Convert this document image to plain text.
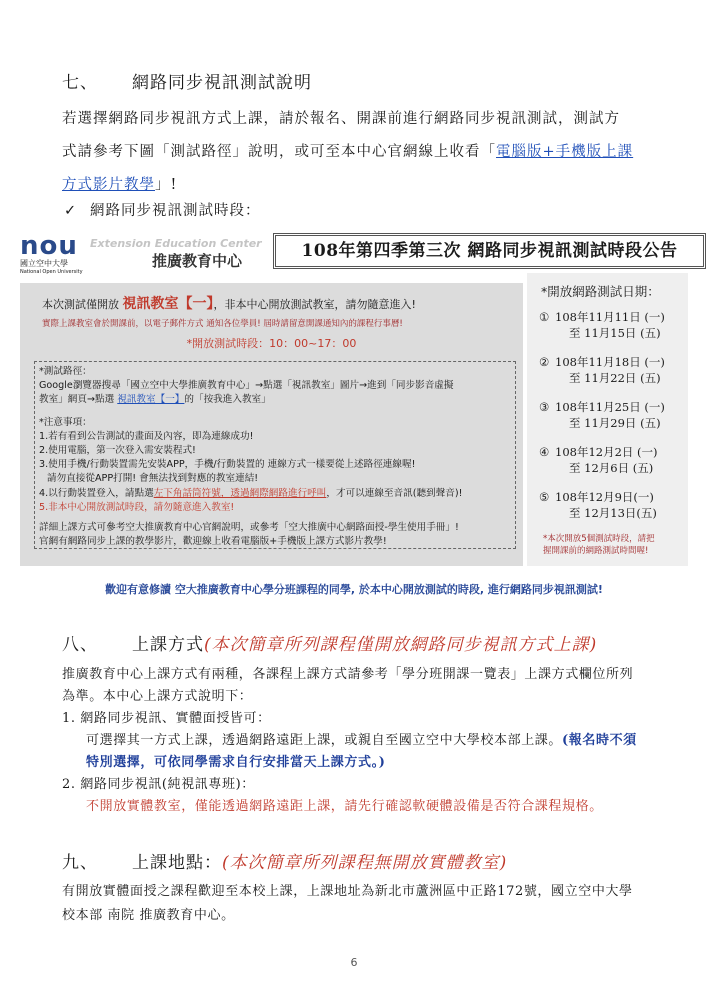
七、 網路同步視訊測試說明
若選擇網路同步視訊方式上課，請於報名、開課前進行網路同步視訊測試，測試方
式請參考下圖「測試路徑」說明，或可至本中心官網線上收看「電腦版+手機版上課
方式影片教學」!
✓ 網路同步視訊測試時段：
nou
國立空中大學
National Open University
Extension Education Center
推廣教育中心	108年第四季第三次 網路同步視訊測試時段公告
本次測試僅開放 視訊教室【一】，非本中心開放測試教室，請勿隨意進入!
實際上課教室會於開課前，以電子郵件方式 通知各位學員! 屆時請留意開課通知內的課程行事曆!
*開放測試時段：10：00~17：00
*測試路徑：
Google瀏覽器搜尋「國立空中大學推廣教育中心」→點選「視訊教室」圖片→進到「同步影音虛擬
教室」網頁→點選 視訊教室【一】的「按我進入教室」
*注意事項：
1.若有看到公告測試的畫面及內容，即為連線成功!
2.使用電腦，第一次登入需安裝程式!
3.使用手機/行動裝置需先安裝APP，手機/行動裝置的 連線方式一樣要從上述路徑連線喔!
請勿直接從APP打開! 會無法找到對應的教室連結!
4.以行動裝置登入，請點選左下角話筒符號，透過網際網路進行呼叫，才可以連線至音訊(聽到聲音)!
5.非本中心開放測試時段，請勿隨意進入教室!
詳細上課方式可參考空大推廣教育中心官網說明，或參考「空大推廣中心網路面授-學生使用手冊」!
官網有網路同步上課的教學影片，歡迎線上收看電腦版+手機版上課方式影片教學!
*開放網路測試日期：
① 108年11月11日 (一)
至 11月15日 (五)
② 108年11月18日 (一)
至 11月22日 (五)
③ 108年11月25日 (一)
至 11月29日 (五)
④ 108年12月2日 (一)
至 12月6日 (五)
⑤ 108年12月9日(一)
至 12月13日(五)
*本次開放5個測試時段，請把
握開課前的網路測試時間喔!
歡迎有意修讀 空大推廣教育中心學分班課程的同學, 於本中心開放測試的時段, 進行網路同步視訊測試!
八、 上課方式(本次簡章所列課程僅開放網路同步視訊方式上課)
推廣教育中心上課方式有兩種，各課程上課方式請參考「學分班開課一覽表」上課方式欄位所列
為準。本中心上課方式說明下：
1. 網路同步視訊、實體面授皆可：
可選擇其一方式上課，透過網路遠距上課，或親自至國立空中大學校本部上課。(報名時不須
特別選擇，可依同學需求自行安排當天上課方式。)
2. 網路同步視訊(純視訊專班)：
不開放實體教室，僅能透過網路遠距上課，請先行確認軟硬體設備是否符合課程規格。
九、 上課地點：(本次簡章所列課程無開放實體教室)
有開放實體面授之課程歡迎至本校上課，上課地址為新北市蘆洲區中正路172號，國立空中大學
校本部 南院 推廣教育中心。
6
